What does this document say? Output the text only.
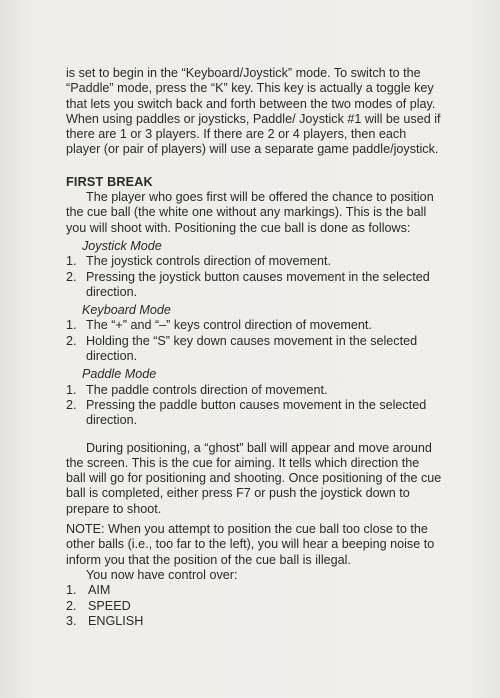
is set to begin in the “Keyboard/Joystick” mode. To switch to the “Paddle” mode, press the “K” key. This key is actually a toggle key that lets you switch back and forth between the two modes of play. When using paddles or joysticks, Paddle/ Joystick #1 will be used if there are 1 or 3 players. If there are 2 or 4 players, then each player (or pair of players) will use a separate game paddle/joystick.

FIRST BREAK

The player who goes first will be offered the chance to position the cue ball (the white one without any markings). This is the ball you will shoot with. Positioning the cue ball is done as follows:

Joystick Mode

1. The joystick controls direction of movement.
2. Pressing the joystick button causes movement in the selected direction.

Keyboard Mode

1. The “+” and “–” keys control direction of movement.
2. Holding the “S” key down causes movement in the selected direction.

Paddle Mode

1. The paddle controls direction of movement.
2. Pressing the paddle button causes movement in the selected direction.

During positioning, a “ghost” ball will appear and move around the screen. This is the cue for aiming. It tells which direction the ball will go for positioning and shooting. Once positioning of the cue ball is completed, either press F7 or push the joystick down to prepare to shoot.

NOTE: When you attempt to position the cue ball too close to the other balls (i.e., too far to the left), you will hear a beeping noise to inform you that the position of the cue ball is illegal.

You now have control over:

1. AIM
2. SPEED
3. ENGLISH
